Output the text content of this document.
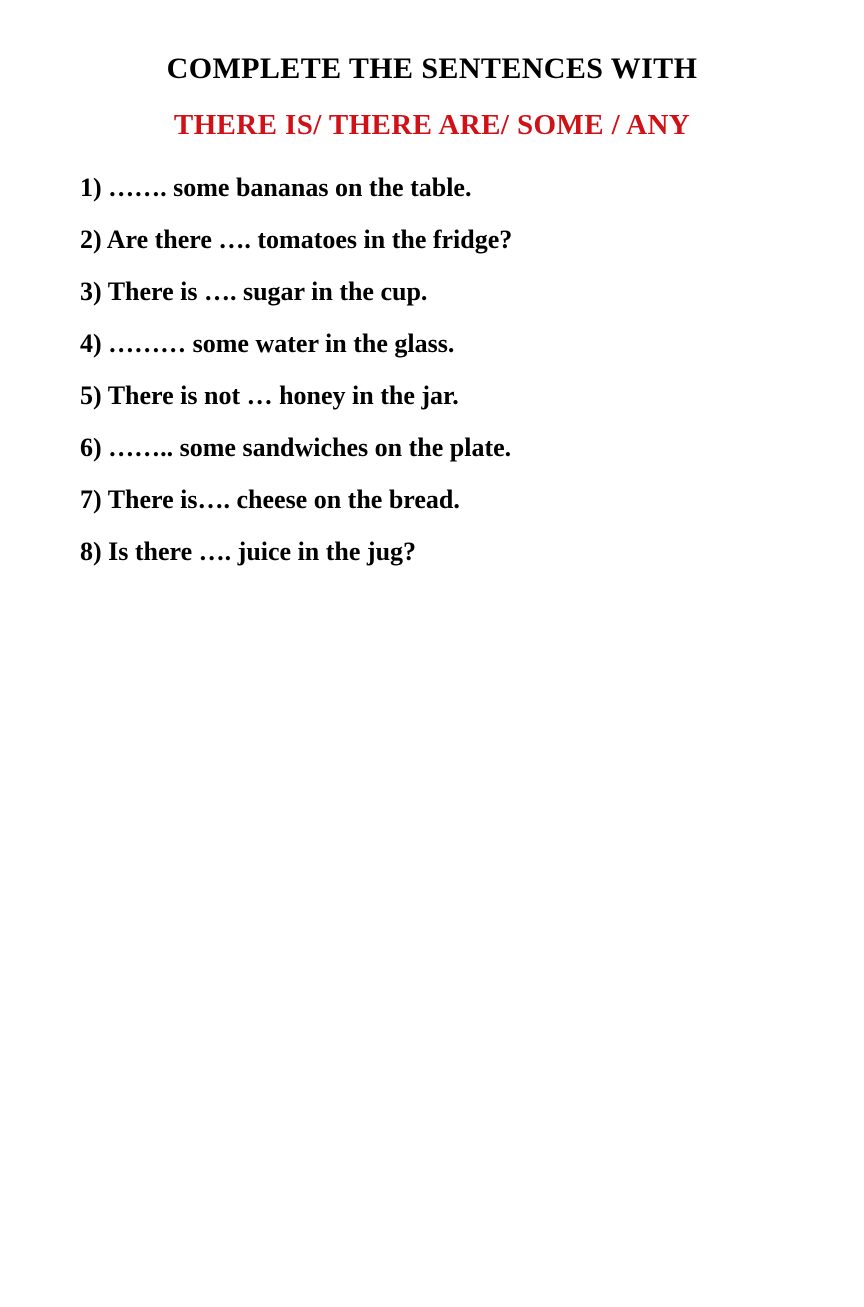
COMPLETE THE SENTENCES WITH
THERE IS/ THERE ARE/ SOME / ANY
1) ……. some bananas on the table.
2) Are there …. tomatoes in the fridge?
3) There is …. sugar in the cup.
4) ……… some water in the glass.
5) There is not … honey in the jar.
6) …….. some sandwiches on the plate.
7) There is…. cheese on the bread.
8) Is there …. juice in the jug?
